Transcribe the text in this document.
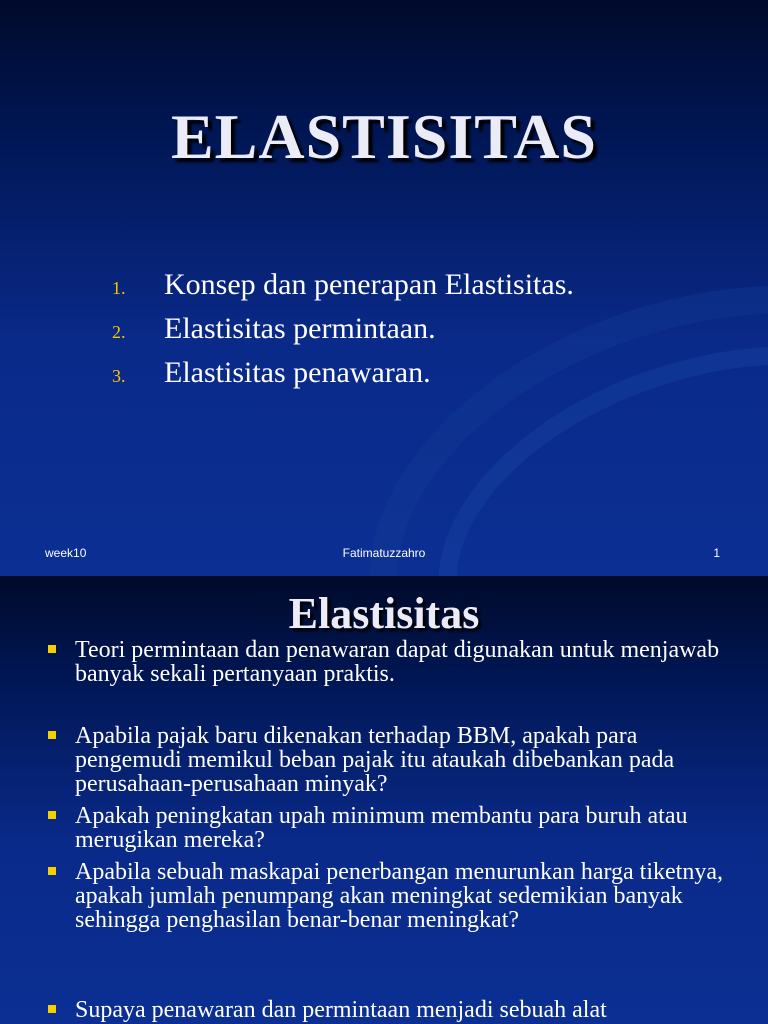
ELASTISITAS
1.	Konsep dan penerapan Elastisitas.
2.	Elastisitas permintaan.
3.	Elastisitas penawaran.
week10	Fatimatuzzahro	1
Elastisitas
Teori permintaan dan penawaran dapat digunakan untuk menjawab banyak sekali pertanyaan praktis.
Apabila pajak baru dikenakan terhadap BBM, apakah para pengemudi memikul beban pajak itu ataukah dibebankan pada perusahaan-perusahaan minyak?
Apakah peningkatan upah minimum membantu para buruh atau merugikan mereka?
Apabila sebuah maskapai penerbangan menurunkan harga tiketnya, apakah jumlah penumpang akan meningkat sedemikian banyak sehingga penghasilan benar-benar meningkat?
Supaya penawaran dan permintaan menjadi sebuah alat
